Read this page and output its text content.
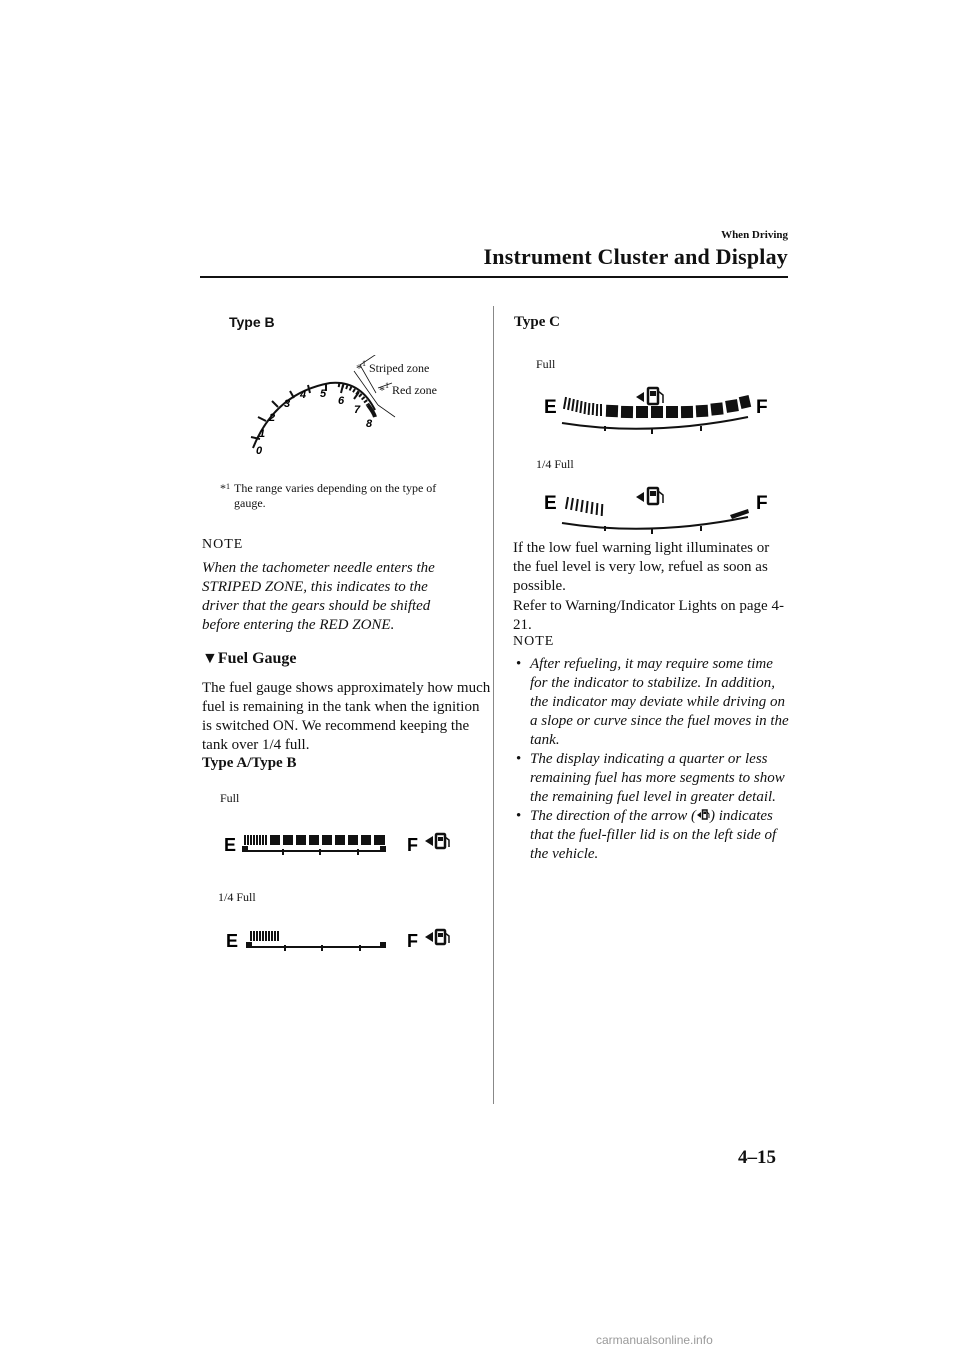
When Driving
Instrument Cluster and Display
Type B
0
1
2
3
4 5
6
7
8
*$^1$ Striped zone
*$^1$ Red zone
*$^1$ The range varies depending on the type of gauge.
NOTE
When the tachometer needle enters the STRIPED ZONE, this indicates to the driver that the gears should be shifted before entering the RED ZONE.
▼Fuel Gauge
The fuel gauge shows approximately how much fuel is remaining in the tank when the ignition is switched ON. We recommend keeping the tank over 1/4 full.
Type A/Type B
Full
E	F
1/4 Full
E	F
Type C
Full
E	F
1/4 Full
E	F
If the low fuel warning light illuminates or the fuel level is very low, refuel as soon as possible.
Refer to Warning/Indicator Lights on page 4-21.
NOTE
• After refueling, it may require some time for the indicator to stabilize. In addition, the indicator may deviate while driving on a slope or curve since the fuel moves in the tank.
• The display indicating a quarter or less remaining fuel has more segments to show the remaining fuel level in greater detail.
• The direction of the arrow ( ) indicates that the fuel-filler lid is on the left side of the vehicle.
4–15
carmanualsonline.info
